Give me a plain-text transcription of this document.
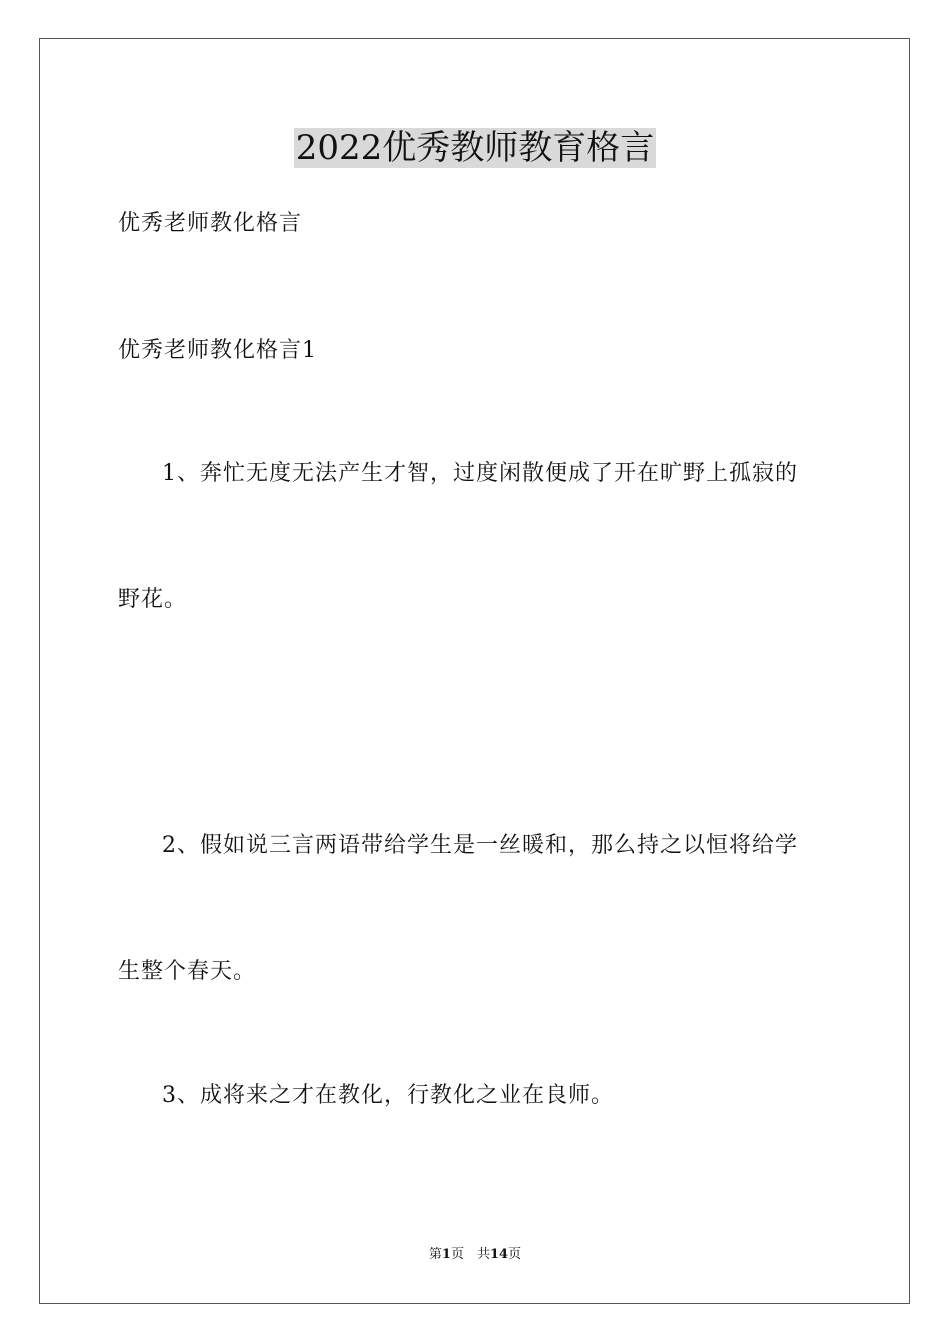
2022优秀教师教育格言
优秀老师教化格言
优秀老师教化格言1
1、奔忙无度无法产生才智，过度闲散便成了开在旷野上孤寂的
野花。
2、假如说三言两语带给学生是一丝暖和，那么持之以恒将给学
生整个春天。
3、成将来之才在教化，行教化之业在良师。
第1页　共14页
